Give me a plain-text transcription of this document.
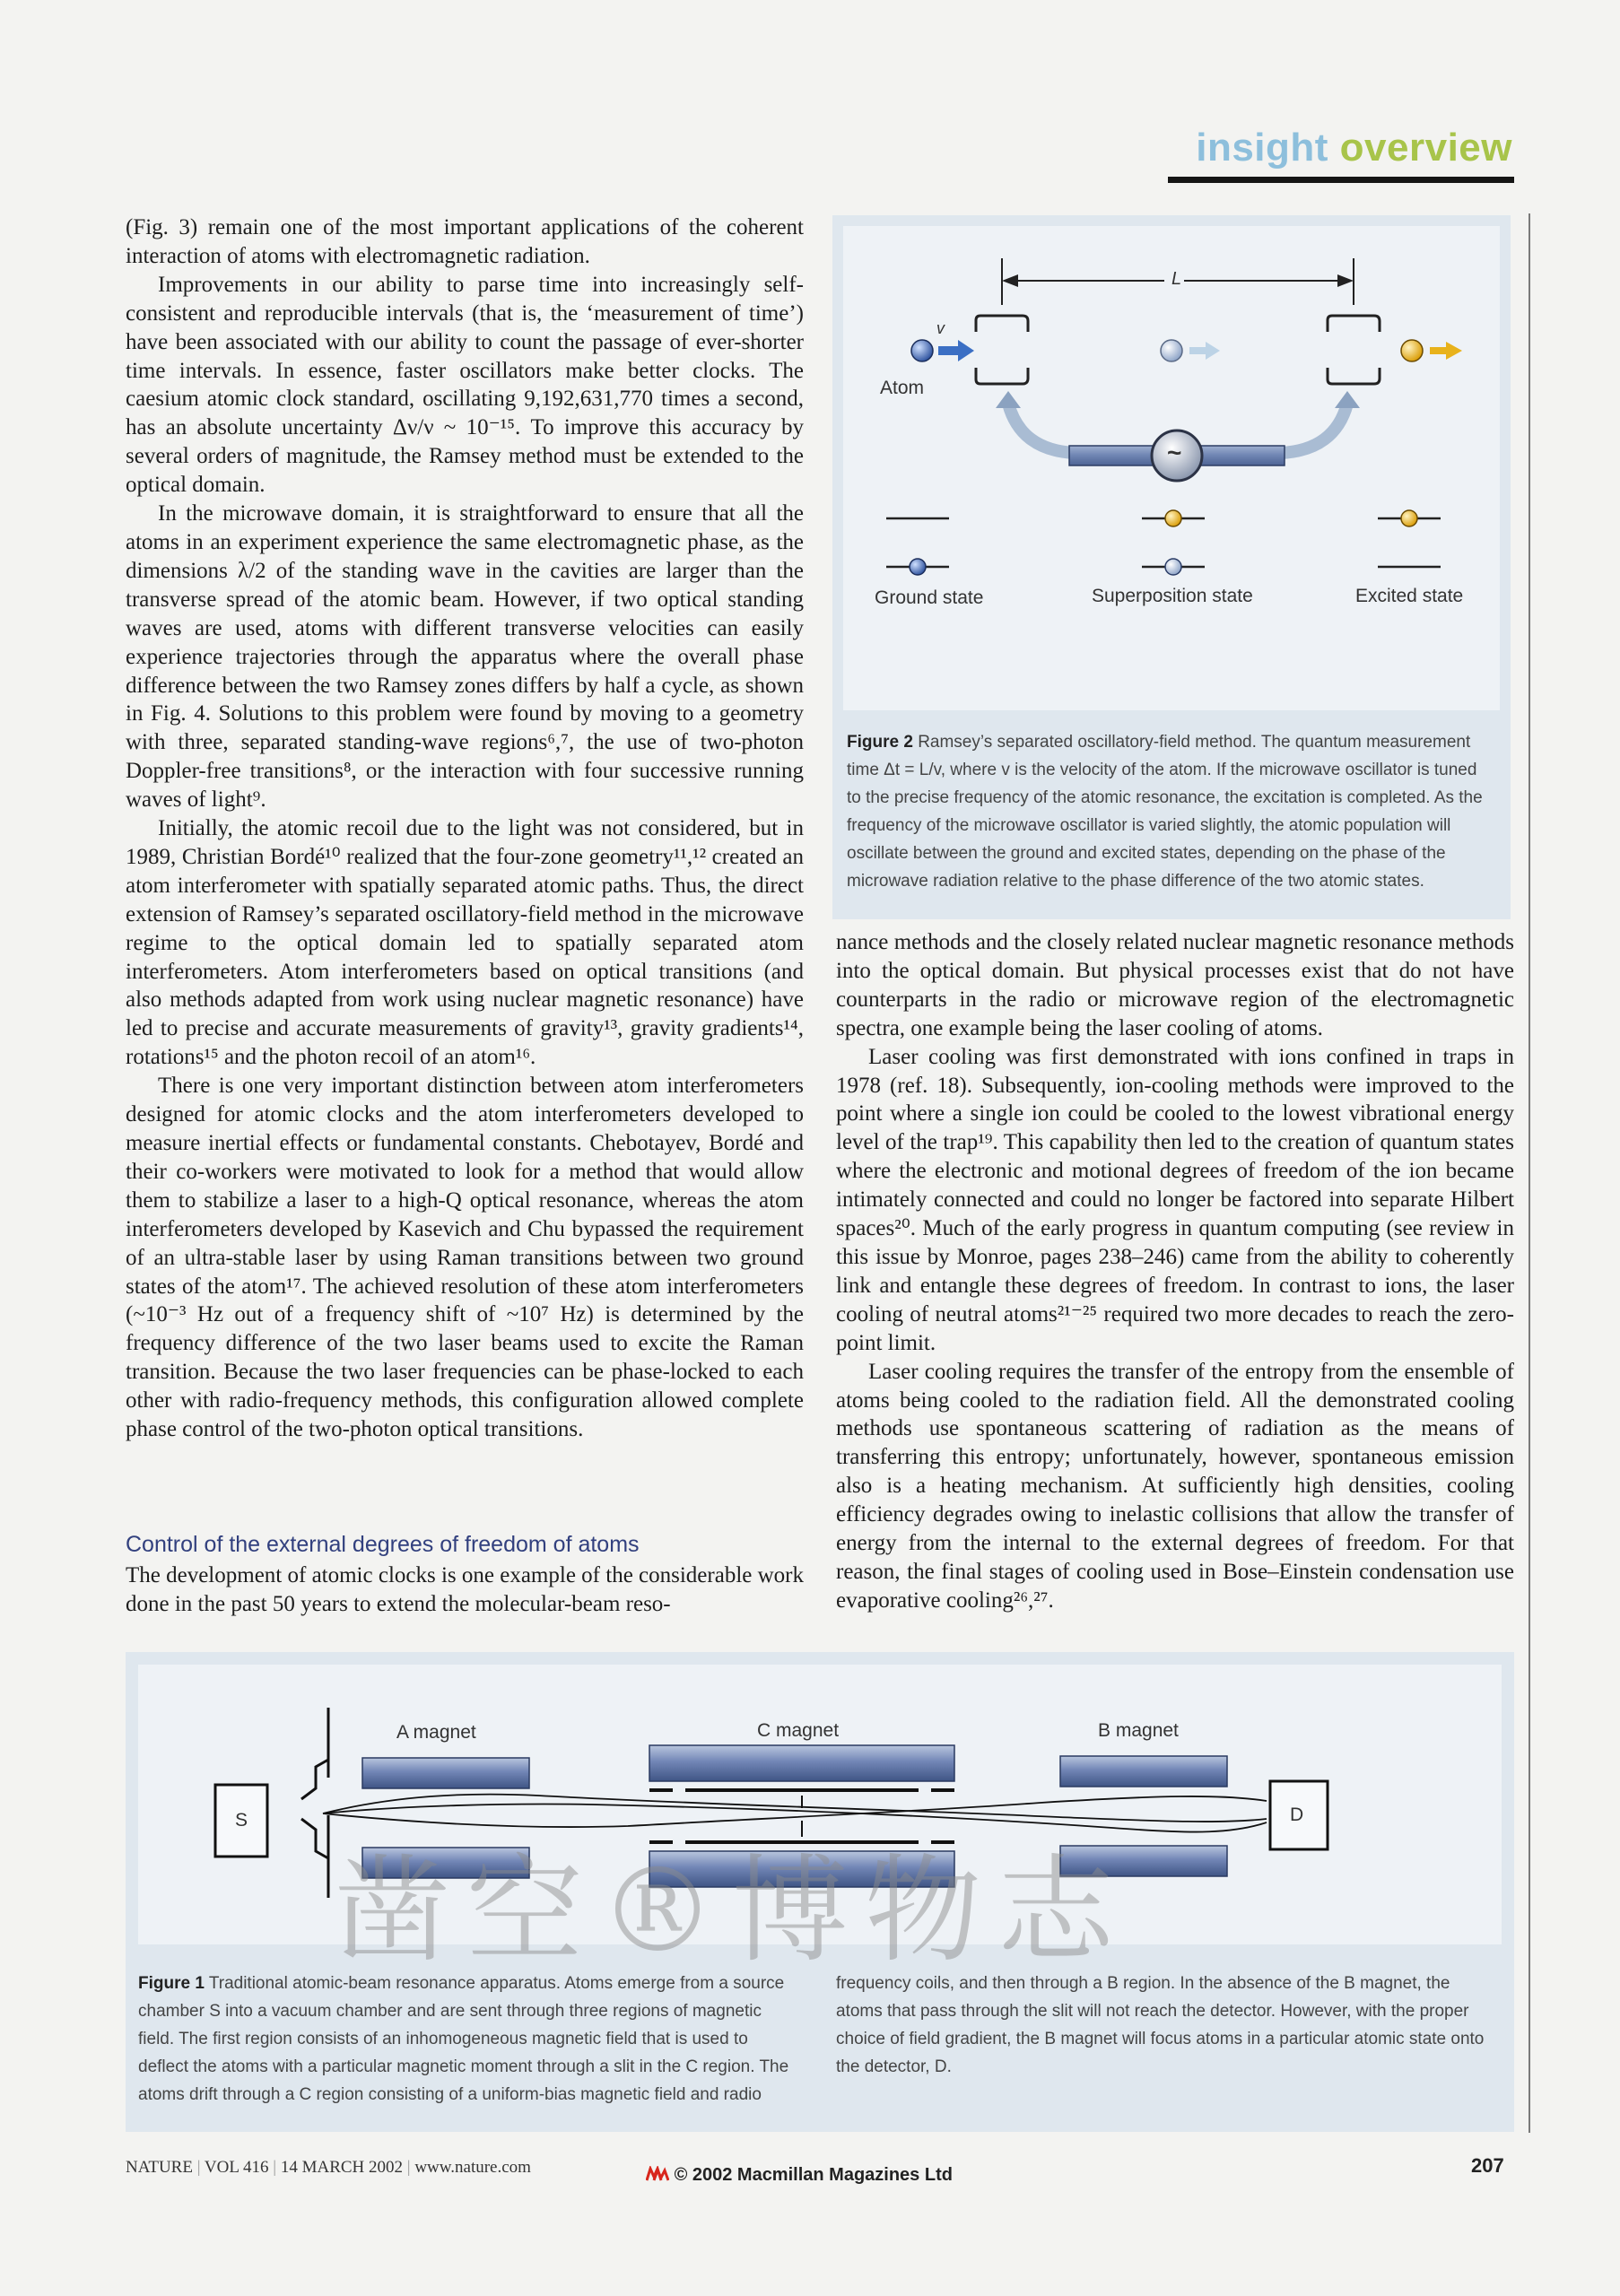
insight overview

(Fig. 3) remain one of the most important applications of the coherent interaction of atoms with electromagnetic radiation.

Improvements in our ability to parse time into increasingly self-consistent and reproducible intervals (that is, the ‘measurement of time’) have been associated with our ability to count the passage of ever-shorter time intervals. In essence, faster oscillators make better clocks. The caesium atomic clock standard, oscillating 9,192,631,770 times a second, has an absolute uncertainty Δν/ν ~ 10⁻¹⁵. To improve this accuracy by several orders of magnitude, the Ramsey method must be extended to the optical domain.

In the microwave domain, it is straightforward to ensure that all the atoms in an experiment experience the same electromagnetic phase, as the dimensions λ/2 of the standing wave in the cavities are larger than the transverse spread of the atomic beam. However, if two optical standing waves are used, atoms with different transverse velocities can easily experience trajectories through the apparatus where the overall phase difference between the two Ramsey zones differs by half a cycle, as shown in Fig. 4. Solutions to this problem were found by moving to a geometry with three, separated standing-wave regions⁶,⁷, the use of two-photon Doppler-free transitions⁸, or the interaction with four successive running waves of light⁹.

Initially, the atomic recoil due to the light was not considered, but in 1989, Christian Bordé¹⁰ realized that the four-zone geometry¹¹,¹² created an atom interferometer with spatially separated atomic paths. Thus, the direct extension of Ramsey’s separated oscillatory-field method in the microwave regime to the optical domain led to spatially separated atom interferometers. Atom interferometers based on optical transitions (and also methods adapted from work using nuclear magnetic resonance) have led to precise and accurate measurements of gravity¹³, gravity gradients¹⁴, rotations¹⁵ and the photon recoil of an atom¹⁶.

There is one very important distinction between atom interferometers designed for atomic clocks and the atom interferometers developed to measure inertial effects or fundamental constants. Chebotayev, Bordé and their co-workers were motivated to look for a method that would allow them to stabilize a laser to a high-Q optical resonance, whereas the atom interferometers developed by Kasevich and Chu bypassed the requirement of an ultra-stable laser by using Raman transitions between two ground states of the atom¹⁷. The achieved resolution of these atom interferometers (~10⁻³ Hz out of a frequency shift of ~10⁷ Hz) is determined by the frequency difference of the two laser beams used to excite the Raman transition. Because the two laser frequencies can be phase-locked to each other with radio-frequency methods, this configuration allowed complete phase control of the two-photon optical transitions.

Control of the external degrees of freedom of atoms

The development of atomic clocks is one example of the considerable work done in the past 50 years to extend the molecular-beam reso-

L
v
Atom
~
Ground state	Superposition state	Excited state
Figure 2 Ramsey’s separated oscillatory-field method. The quantum measurement time Δt = L/v, where v is the velocity of the atom. If the microwave oscillator is tuned to the precise frequency of the atomic resonance, the excitation is completed. As the frequency of the microwave oscillator is varied slightly, the atomic population will oscillate between the ground and excited states, depending on the phase of the microwave radiation relative to the phase difference of the two atomic states.

nance methods and the closely related nuclear magnetic resonance methods into the optical domain. But physical processes exist that do not have counterparts in the radio or microwave region of the electromagnetic spectra, one example being the laser cooling of atoms.

Laser cooling was first demonstrated with ions confined in traps in 1978 (ref. 18). Subsequently, ion-cooling methods were improved to the point where a single ion could be cooled to the lowest vibrational energy level of the trap¹⁹. This capability then led to the creation of quantum states where the electronic and motional degrees of freedom of the ion became intimately connected and could no longer be factored into separate Hilbert spaces²⁰. Much of the early progress in quantum computing (see review in this issue by Monroe, pages 238–246) came from the ability to coherently link and entangle these degrees of freedom. In contrast to ions, the laser cooling of neutral atoms²¹⁻²⁵ required two more decades to reach the zero-point limit.

Laser cooling requires the transfer of the entropy from the ensemble of atoms being cooled to the radiation field. All the demonstrated cooling methods use spontaneous scattering of radiation as the means of transferring this entropy; unfortunately, however, spontaneous emission also is a heating mechanism. At sufficiently high densities, cooling efficiency degrades owing to inelastic collisions that allow the transfer of energy from the internal to the external degrees of freedom. For that reason, the final stages of cooling used in Bose–Einstein condensation use evaporative cooling²⁶,²⁷.

A magnet	C magnet	B magnet
S	D
Figure 1 Traditional atomic-beam resonance apparatus. Atoms emerge from a source chamber S into a vacuum chamber and are sent through three regions of magnetic field. The first region consists of an inhomogeneous magnetic field that is used to deflect the atoms with a particular magnetic moment through a slit in the C region. The atoms drift through a C region consisting of a uniform-bias magnetic field and radio
frequency coils, and then through a B region. In the absence of the B magnet, the atoms that pass through the slit will not reach the detector. However, with the proper choice of field gradient, the B magnet will focus atoms in a particular atomic state onto the detector, D.
凿空®博物志
NATURE | VOL 416 | 14 MARCH 2002 | www.nature.com	© 2002 Macmillan Magazines Ltd	207
